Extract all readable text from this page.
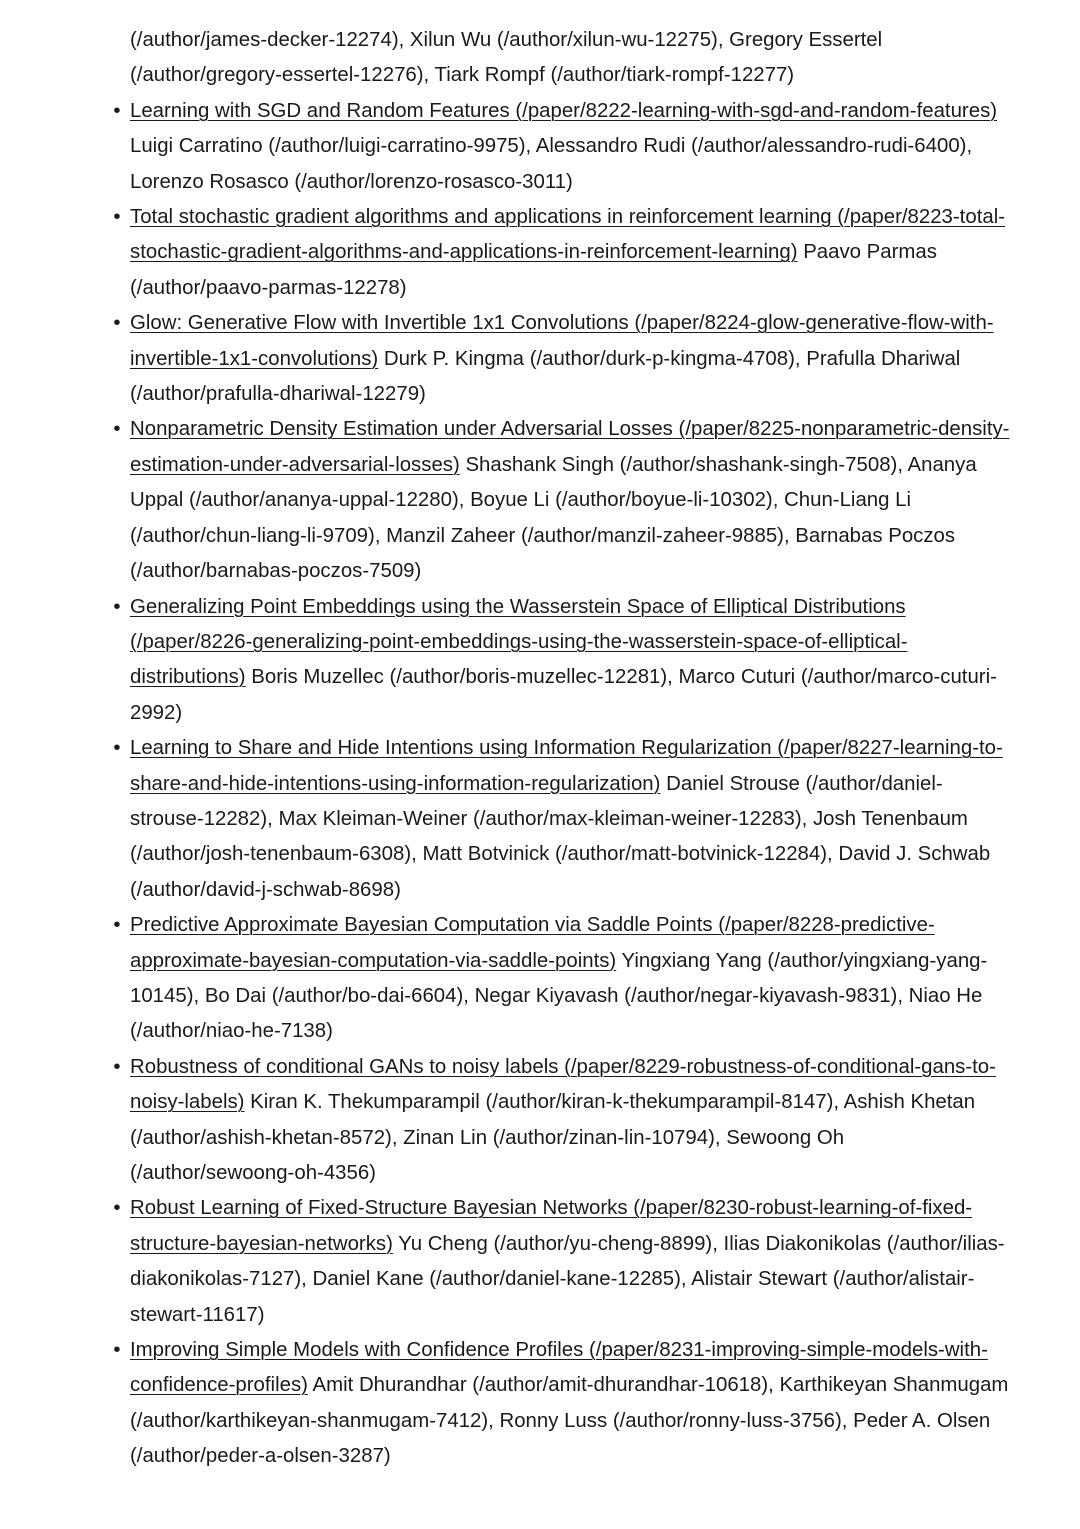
(/author/james-decker-12274), Xilun Wu (/author/xilun-wu-12275), Gregory Essertel (/author/gregory-essertel-12276), Tiark Rompf (/author/tiark-rompf-12277)

• Learning with SGD and Random Features (/paper/8222-learning-with-sgd-and-random-features) Luigi Carratino (/author/luigi-carratino-9975), Alessandro Rudi (/author/alessandro-rudi-6400), Lorenzo Rosasco (/author/lorenzo-rosasco-3011)
• Total stochastic gradient algorithms and applications in reinforcement learning (/paper/8223-total-stochastic-gradient-algorithms-and-applications-in-reinforcement-learning) Paavo Parmas (/author/paavo-parmas-12278)
• Glow: Generative Flow with Invertible 1x1 Convolutions (/paper/8224-glow-generative-flow-with-invertible-1x1-convolutions) Durk P. Kingma (/author/durk-p-kingma-4708), Prafulla Dhariwal (/author/prafulla-dhariwal-12279)
• Nonparametric Density Estimation under Adversarial Losses (/paper/8225-nonparametric-density-estimation-under-adversarial-losses) Shashank Singh (/author/shashank-singh-7508), Ananya Uppal (/author/ananya-uppal-12280), Boyue Li (/author/boyue-li-10302), Chun-Liang Li (/author/chun-liang-li-9709), Manzil Zaheer (/author/manzil-zaheer-9885), Barnabas Poczos (/author/barnabas-poczos-7509)
• Generalizing Point Embeddings using the Wasserstein Space of Elliptical Distributions (/paper/8226-generalizing-point-embeddings-using-the-wasserstein-space-of-elliptical-distributions) Boris Muzellec (/author/boris-muzellec-12281), Marco Cuturi (/author/marco-cuturi-2992)
• Learning to Share and Hide Intentions using Information Regularization (/paper/8227-learning-to-share-and-hide-intentions-using-information-regularization) Daniel Strouse (/author/daniel-strouse-12282), Max Kleiman-Weiner (/author/max-kleiman-weiner-12283), Josh Tenenbaum (/author/josh-tenenbaum-6308), Matt Botvinick (/author/matt-botvinick-12284), David J. Schwab (/author/david-j-schwab-8698)
• Predictive Approximate Bayesian Computation via Saddle Points (/paper/8228-predictive-approximate-bayesian-computation-via-saddle-points) Yingxiang Yang (/author/yingxiang-yang-10145), Bo Dai (/author/bo-dai-6604), Negar Kiyavash (/author/negar-kiyavash-9831), Niao He (/author/niao-he-7138)
• Robustness of conditional GANs to noisy labels (/paper/8229-robustness-of-conditional-gans-to-noisy-labels) Kiran K. Thekumparampil (/author/kiran-k-thekumparampil-8147), Ashish Khetan (/author/ashish-khetan-8572), Zinan Lin (/author/zinan-lin-10794), Sewoong Oh (/author/sewoong-oh-4356)
• Robust Learning of Fixed-Structure Bayesian Networks (/paper/8230-robust-learning-of-fixed-structure-bayesian-networks) Yu Cheng (/author/yu-cheng-8899), Ilias Diakonikolas (/author/ilias-diakonikolas-7127), Daniel Kane (/author/daniel-kane-12285), Alistair Stewart (/author/alistair-stewart-11617)
• Improving Simple Models with Confidence Profiles (/paper/8231-improving-simple-models-with-confidence-profiles) Amit Dhurandhar (/author/amit-dhurandhar-10618), Karthikeyan Shanmugam (/author/karthikeyan-shanmugam-7412), Ronny Luss (/author/ronny-luss-3756), Peder A. Olsen (/author/peder-a-olsen-3287)
